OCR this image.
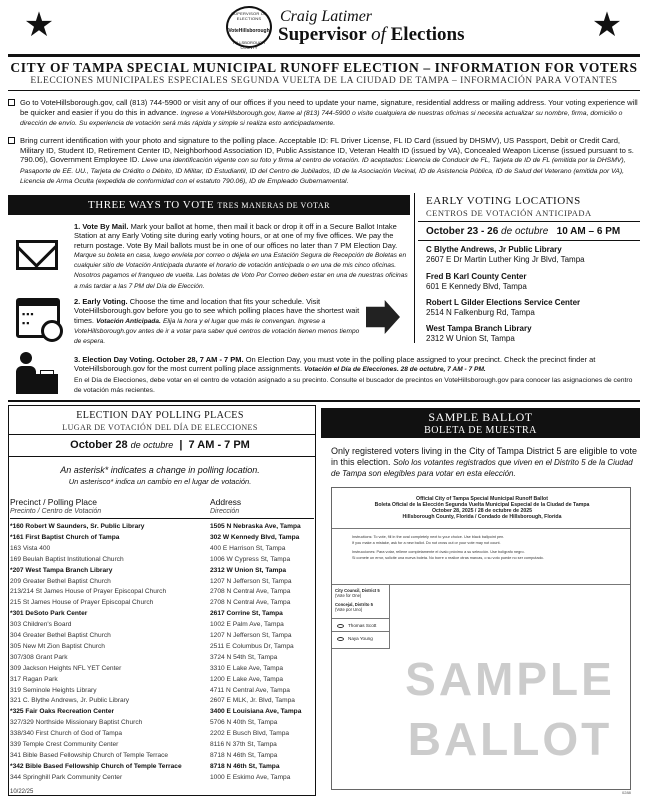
★	SUPERVISOR OF ELECTIONS
VoteHillsborough
HILLSBOROUGH COUNTY
Craig Latimer
Supervisor of Elections	★
CITY OF TAMPA SPECIAL MUNICIPAL RUNOFF ELECTION – INFORMATION FOR VOTERS
ELECCIONES MUNICIPALES ESPECIALES SEGUNDA VUELTA DE LA CIUDAD DE TAMPA – INFORMACIÓN PARA VOTANTES
Go to VoteHillsborough.gov, call (813) 744-5900 or visit any of our offices if you need to update your name, signature, residential address or mailing address. Your voting experience will be quicker and easier if you do this in advance. Ingrese a VoteHillsborough.gov, llame al (813) 744-5900 o visite cualquiera de nuestras oficinas si necesita actualizar su nombre, firma, domicilio o dirección de envío. Su experiencia de votación será más rápida y simple si realiza esto anticipadamente.
Bring current identification with your photo and signature to the polling place. Acceptable ID: FL Driver License, FL ID Card (issued by DHSMV), US Passport, Debit or Credit Card, Military ID, Student ID, Retirement Center ID, Neighborhood Association ID, Public Assistance ID, Veteran Health ID (issued by VA), Concealed Weapon License (issued pursuant to s. 790.06), Government Employee ID. Lleve una identificación vigente con su foto y firma al centro de votación. ID aceptados: Licencia de Conducir de FL, Tarjeta de ID de FL (emitida por la DHSMV), Pasaporte de EE. UU., Tarjeta de Crédito o Débito, ID Militar, ID Estudiantil, ID del Centro de Jubilados, ID de la Asociación Vecinal, ID de Asistencia Pública, ID de Salud del Veterano (emitida por VA), Licencia de Arma Oculta (expedida de conformidad con el estatuto 790.06), ID de Empleado Gubernamental.
THREE WAYS TO VOTE TRES MANERAS DE VOTAR	EARLY VOTING LOCATIONS
CENTROS DE VOTACIÓN ANTICIPADA
October 23 - 26 de octubre 10 AM – 6 PM
C Blythe Andrews, Jr Public Library
2607 E Dr Martin Luther King Jr Blvd, Tampa
Fred B Karl County Center
601 E Kennedy Blvd, Tampa
Robert L Gilder Elections Service Center
2514 N Falkenburg Rd, Tampa
West Tampa Branch Library
2312 W Union St, Tampa
1. Vote By Mail. Mark your ballot at home, then mail it back or drop it off in a Secure Ballot Intake Station at any Early Voting site during early voting hours, or at one of my five offices. We pay the return postage. Vote By Mail ballots must be in one of our offices no later than 7 PM Election Day. Marque su boleta en casa, luego envíela por correo o déjela en una Estación Segura de Recepción de Boletas en cualquier sitio de Votación Anticipada durante el horario de votación anticipada o en una de mis cinco oficinas. Nosotros pagamos el franqueo de vuelta. Las boletas de Voto Por Correo deben estar en una de nuestras oficinas a más tardar a las 7 PM del Día de Elección.
▪▪▪
▪▪
2. Early Voting. Choose the time and location that fits your schedule. Visit VoteHillsborough.gov before you go to see which polling places have the shortest wait times. Votación Anticipada. Elija la hora y el lugar que más le convengan. Ingrese a VoteHillsborough.gov antes de ir a votar para saber qué centros de votación tienen menos tiempo de espera.
3. Election Day Voting. October 28, 7 AM - 7 PM. On Election Day, you must vote in the polling place assigned to your precinct. Check the precinct finder at VoteHillsborough.gov for the most current polling place assignments. Votación el Día de Elecciones. 28 de octubre, 7 AM - 7 PM.
En el Día de Elecciones, debe votar en el centro de votación asignado a su precinto. Consulte el buscador de precintos en VoteHillsborough.gov para conocer las asignaciones de centro de votación más recientes.
ELECTION DAY POLLING PLACES
LUGAR DE VOTACIÓN DEL DÍA DE ELECCIONES
October 28 de octubre  |  7 AM - 7 PM
An asterisk* indicates a change in polling location.
Un asterisco* indica un cambio en el lugar de votación.
Precinct / Polling Place
Precinto / Centro de Votación
Address
Dirección
*160 Robert W Saunders, Sr. Public Library	1505 N Nebraska Ave, Tampa
*161 First Baptist Church of Tampa	302 W Kennedy Blvd, Tampa
163 Vista 400	400 E Harrison St, Tampa
169 Beulah Baptist Institutional Church	1006 W Cypress St, Tampa
*207 West Tampa Branch Library	2312 W Union St, Tampa
209 Greater Bethel Baptist Church	1207 N Jefferson St, Tampa
213/214 St James House of Prayer Episcopal Church	2708 N Central Ave, Tampa
215 St James House of Prayer Episcopal Church	2708 N Central Ave, Tampa
*301 DeSoto Park Center	2617 Corrine St, Tampa
303 Children's Board	1002 E Palm Ave, Tampa
304 Greater Bethel Baptist Church	1207 N Jefferson St, Tampa
305 New Mt Zion Baptist Church	2511 E Columbus Dr, Tampa
307/308 Grant Park	3724 N 54th St, Tampa
309 Jackson Heights NFL YET Center	3310 E Lake Ave, Tampa
317 Ragan Park	1200 E Lake Ave, Tampa
319 Seminole Heights Library	4711 N Central Ave, Tampa
321 C. Blythe Andrews, Jr. Public Library	2607 E MLK, Jr. Blvd, Tampa
*325 Fair Oaks Recreation Center	3400 E Louisiana Ave, Tampa
327/329 Northside Missionary Baptist Church	5706 N 40th St, Tampa
338/340 First Church of God of Tampa	2202 E Busch Blvd, Tampa
339 Temple Crest Community Center	8116 N 37th St, Tampa
341 Bible Based Fellowship Church of Temple Terrace	8718 N 46th St, Tampa
*342 Bible Based Fellowship Church of Temple Terrace	8718 N 46th St, Tampa
344 Springhill Park Community Center	1000 E Eskimo Ave, Tampa
SAMPLE BALLOT
BOLETA DE MUESTRA
Only registered voters living in the City of Tampa District 5 are eligible to vote in this election. Solo los votantes registrados que viven en el Distrito 5 de la Ciudad de Tampa son elegibles para votar en esta elección.
Official City of Tampa Special Municipal Runoff Ballot
Boleta Oficial de la Elección Segunda Vuelta Municipal Especial de la Ciudad de Tampa
October 28, 2025 / 28 de octubre de 2025
Hillsborough County, Florida / Condado de Hillsborough, Florida
Instructions: To vote, fill in the oval completely next to your choice. Use black ballpoint pen.
If you make a mistake, ask for a new ballot. Do not cross out or your vote may not count.
Instrucciones: Para votar, rellene completamente el óvalo próximo a su selección. Use bolígrafo negro.
Si comete un error, solicite una nueva boleta. No borre o realice otras marcas, o su voto puede no ser computado.
City Council, District 5
(Vote for One)
Concejal, Distrito 5
(Vote por Uno)
Thomas Scott
Naya Young
SAMPLE
BALLOT
10/22/25	0288
